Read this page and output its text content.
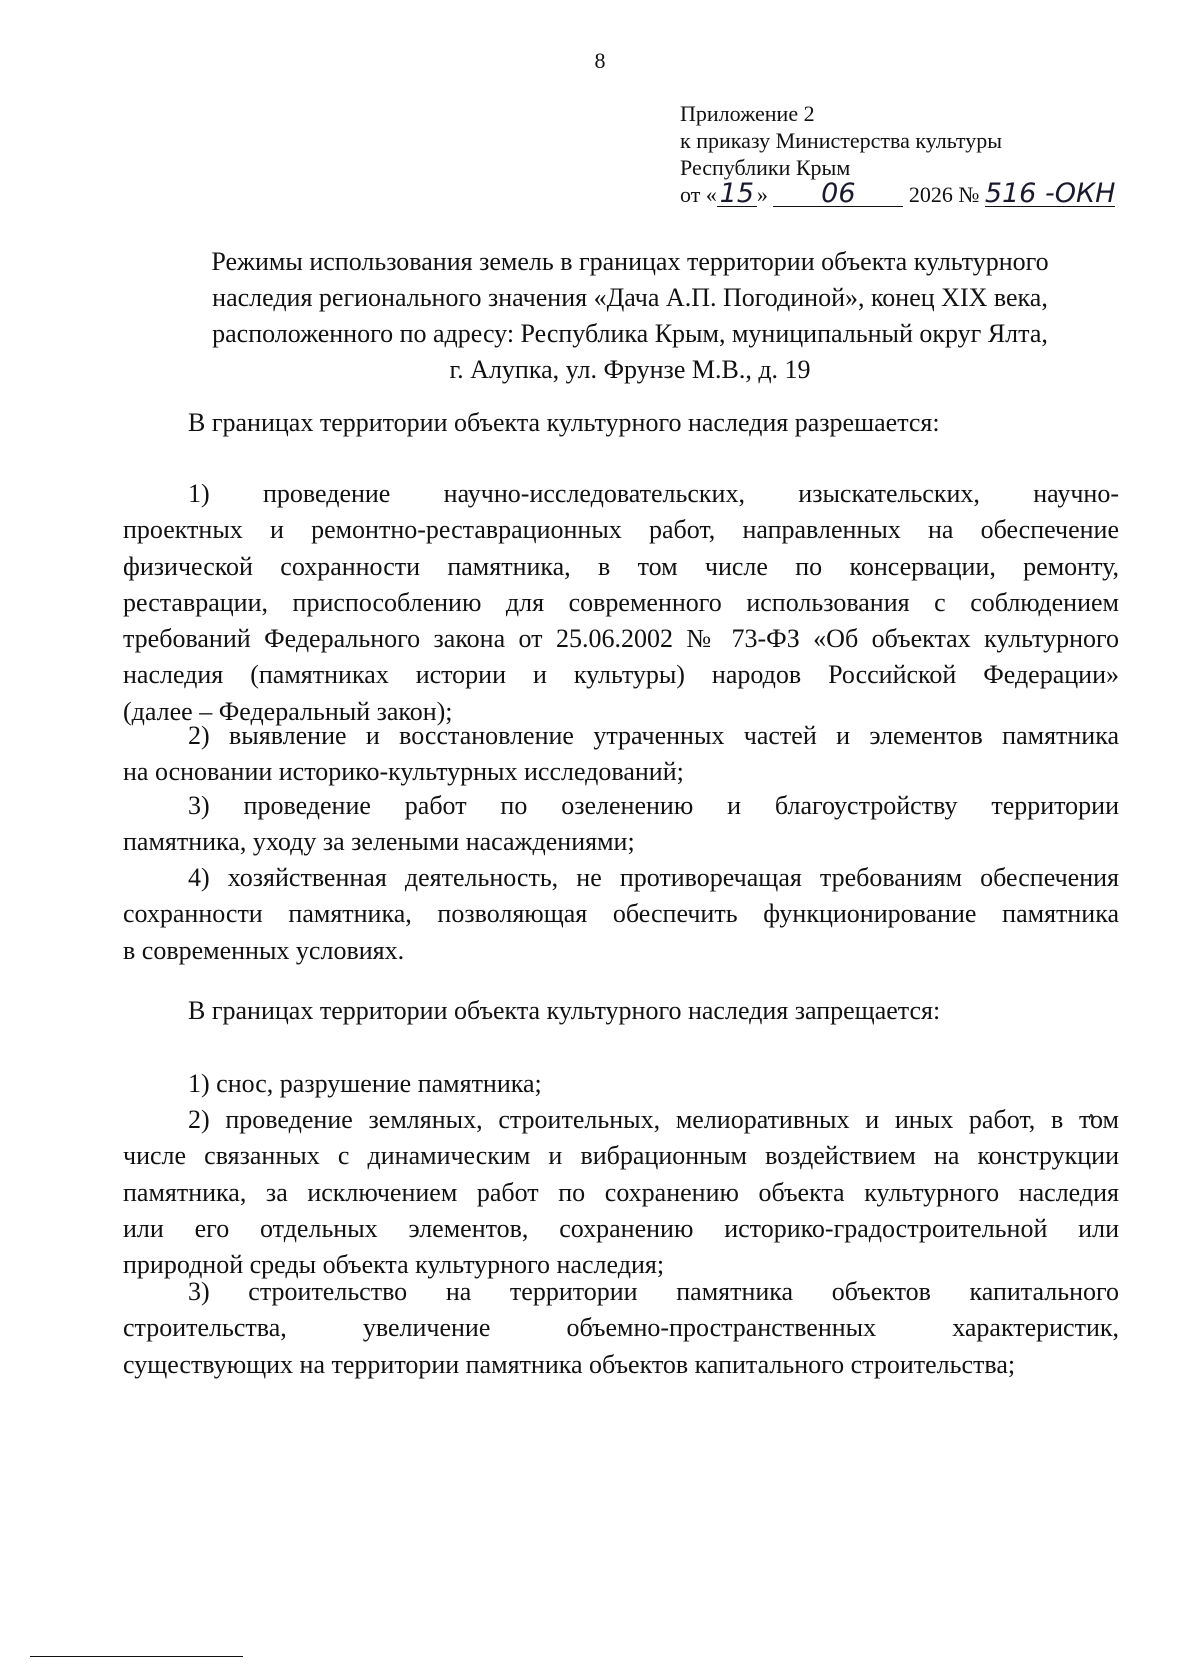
8
Приложение 2
к приказу Министерства культуры
Республики Крым
от « 15 » 06 2026 № 516 -ОКН
Режимы использования земель в границах территории объекта культурного
наследия регионального значения «Дача А.П. Погодиной», конец XIX века,
расположенного по адресу: Республика Крым, муниципальный округ Ялта,
г. Алупка, ул. Фрунзе М.В., д. 19
В границах территории объекта культурного наследия разрешается:
1) проведение научно-исследовательских, изыскательских, научно-
проектных и ремонтно-реставрационных работ, направленных на обеспечение
физической сохранности памятника, в том числе по консервации, ремонту,
реставрации, приспособлению для современного использования с соблюдением
требований Федерального закона от 25.06.2002 № 73-ФЗ «Об объектах культурного
наследия (памятниках истории и культуры) народов Российской Федерации»
(далее – Федеральный закон);
2) выявление и восстановление утраченных частей и элементов памятника
на основании историко-культурных исследований;
3) проведение работ по озеленению и благоустройству территории
памятника, уходу за зелеными насаждениями;
4) хозяйственная деятельность, не противоречащая требованиям обеспечения
сохранности памятника, позволяющая обеспечить функционирование памятника
в современных условиях.
В границах территории объекта культурного наследия запрещается:
1) снос, разрушение памятника;
2) проведение земляных, строительных, мелиоративных и иных работ, в том
числе связанных с динамическим и вибрационным воздействием на конструкции
памятника, за исключением работ по сохранению объекта культурного наследия
или его отдельных элементов, сохранению историко-градостроительной или
природной среды объекта культурного наследия;
3) строительство на территории памятника объектов капитального
строительства, увеличение объемно-пространственных характеристик,
существующих на территории памятника объектов капитального строительства;
